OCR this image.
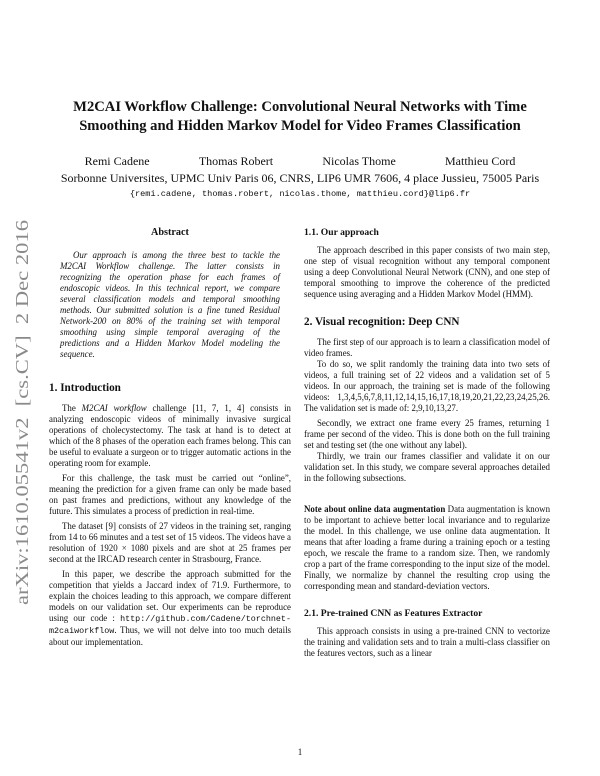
M2CAI Workflow Challenge: Convolutional Neural Networks with Time Smoothing and Hidden Markov Model for Video Frames Classification
Remi Cadene	Thomas Robert	Nicolas Thome	Matthieu Cord
Sorbonne Universites, UPMC Univ Paris 06, CNRS, LIP6 UMR 7606, 4 place Jussieu, 75005 Paris
{remi.cadene, thomas.robert, nicolas.thome, matthieu.cord}@lip6.fr
arXiv:1610.05541v2  [cs.CV]  2 Dec 2016
Abstract

Our approach is among the three best to tackle the M2CAI Workflow challenge. The latter consists in recognizing the operation phase for each frames of endoscopic videos. In this technical report, we compare several classification models and temporal smoothing methods. Our submitted solution is a fine tuned Residual Network-200 on 80% of the training set with temporal smoothing using simple temporal averaging of the predictions and a Hidden Markov Model modeling the sequence.

1. Introduction

The M2CAI workflow challenge [11, 7, 1, 4] consists in analyzing endoscopic videos of minimally invasive surgical operations of cholecystectomy. The task at hand is to detect at which of the 8 phases of the operation each frames belong. This can be useful to evaluate a surgeon or to trigger automatic actions in the operating room for example.

For this challenge, the task must be carried out “online”, meaning the prediction for a given frame can only be made based on past frames and predictions, without any knowledge of the future. This simulates a process of prediction in real-time.

The dataset [9] consists of 27 videos in the training set, ranging from 14 to 66 minutes and a test set of 15 videos. The videos have a resolution of 1920 × 1080 pixels and are shot at 25 frames per second at the IRCAD research center in Strasbourg, France.

In this paper, we describe the approach submitted for the competition that yields a Jaccard index of 71.9. Furthermore, to explain the choices leading to this approach, we compare different models on our validation set. Our experiments can be reproduce using our code : http://github.com/Cadene/torchnet-m2caiworkflow. Thus, we will not delve into too much details about our implementation.

1.1. Our approach

The approach described in this paper consists of two main step, one step of visual recognition without any temporal component using a deep Convolutional Neural Network (CNN), and one step of temporal smoothing to improve the coherence of the predicted sequence using averaging and a Hidden Markov Model (HMM).

2. Visual recognition: Deep CNN

The first step of our approach is to learn a classification model of video frames.

To do so, we split randomly the training data into two sets of videos, a full training set of 22 videos and a validation set of 5 videos. In our approach, the training set is made of the following videos: 1,3,4,5,6,7,8,11,12,14,15,16,17,18,19,20,21,22,23,24,25,26. The validation set is made of: 2,9,10,13,27.

Secondly, we extract one frame every 25 frames, returning 1 frame per second of the video. This is done both on the full training set and testing set (the one without any label).

Thirdly, we train our frames classifier and validate it on our validation set. In this study, we compare several approaches detailed in the following subsections.

Note about online data augmentation Data augmentation is known to be important to achieve better local invariance and to regularize the model. In this challenge, we use online data augmentation. It means that after loading a frame during a training epoch or a testing epoch, we rescale the frame to a random size. Then, we randomly crop a part of the frame corresponding to the input size of the model. Finally, we normalize by channel the resulting crop using the corresponding mean and standard-deviation vectors.

2.1. Pre-trained CNN as Features Extractor

This approach consists in using a pre-trained CNN to vectorize the training and validation sets and to train a multi-class classifier on the features vectors, such as a linear

1
